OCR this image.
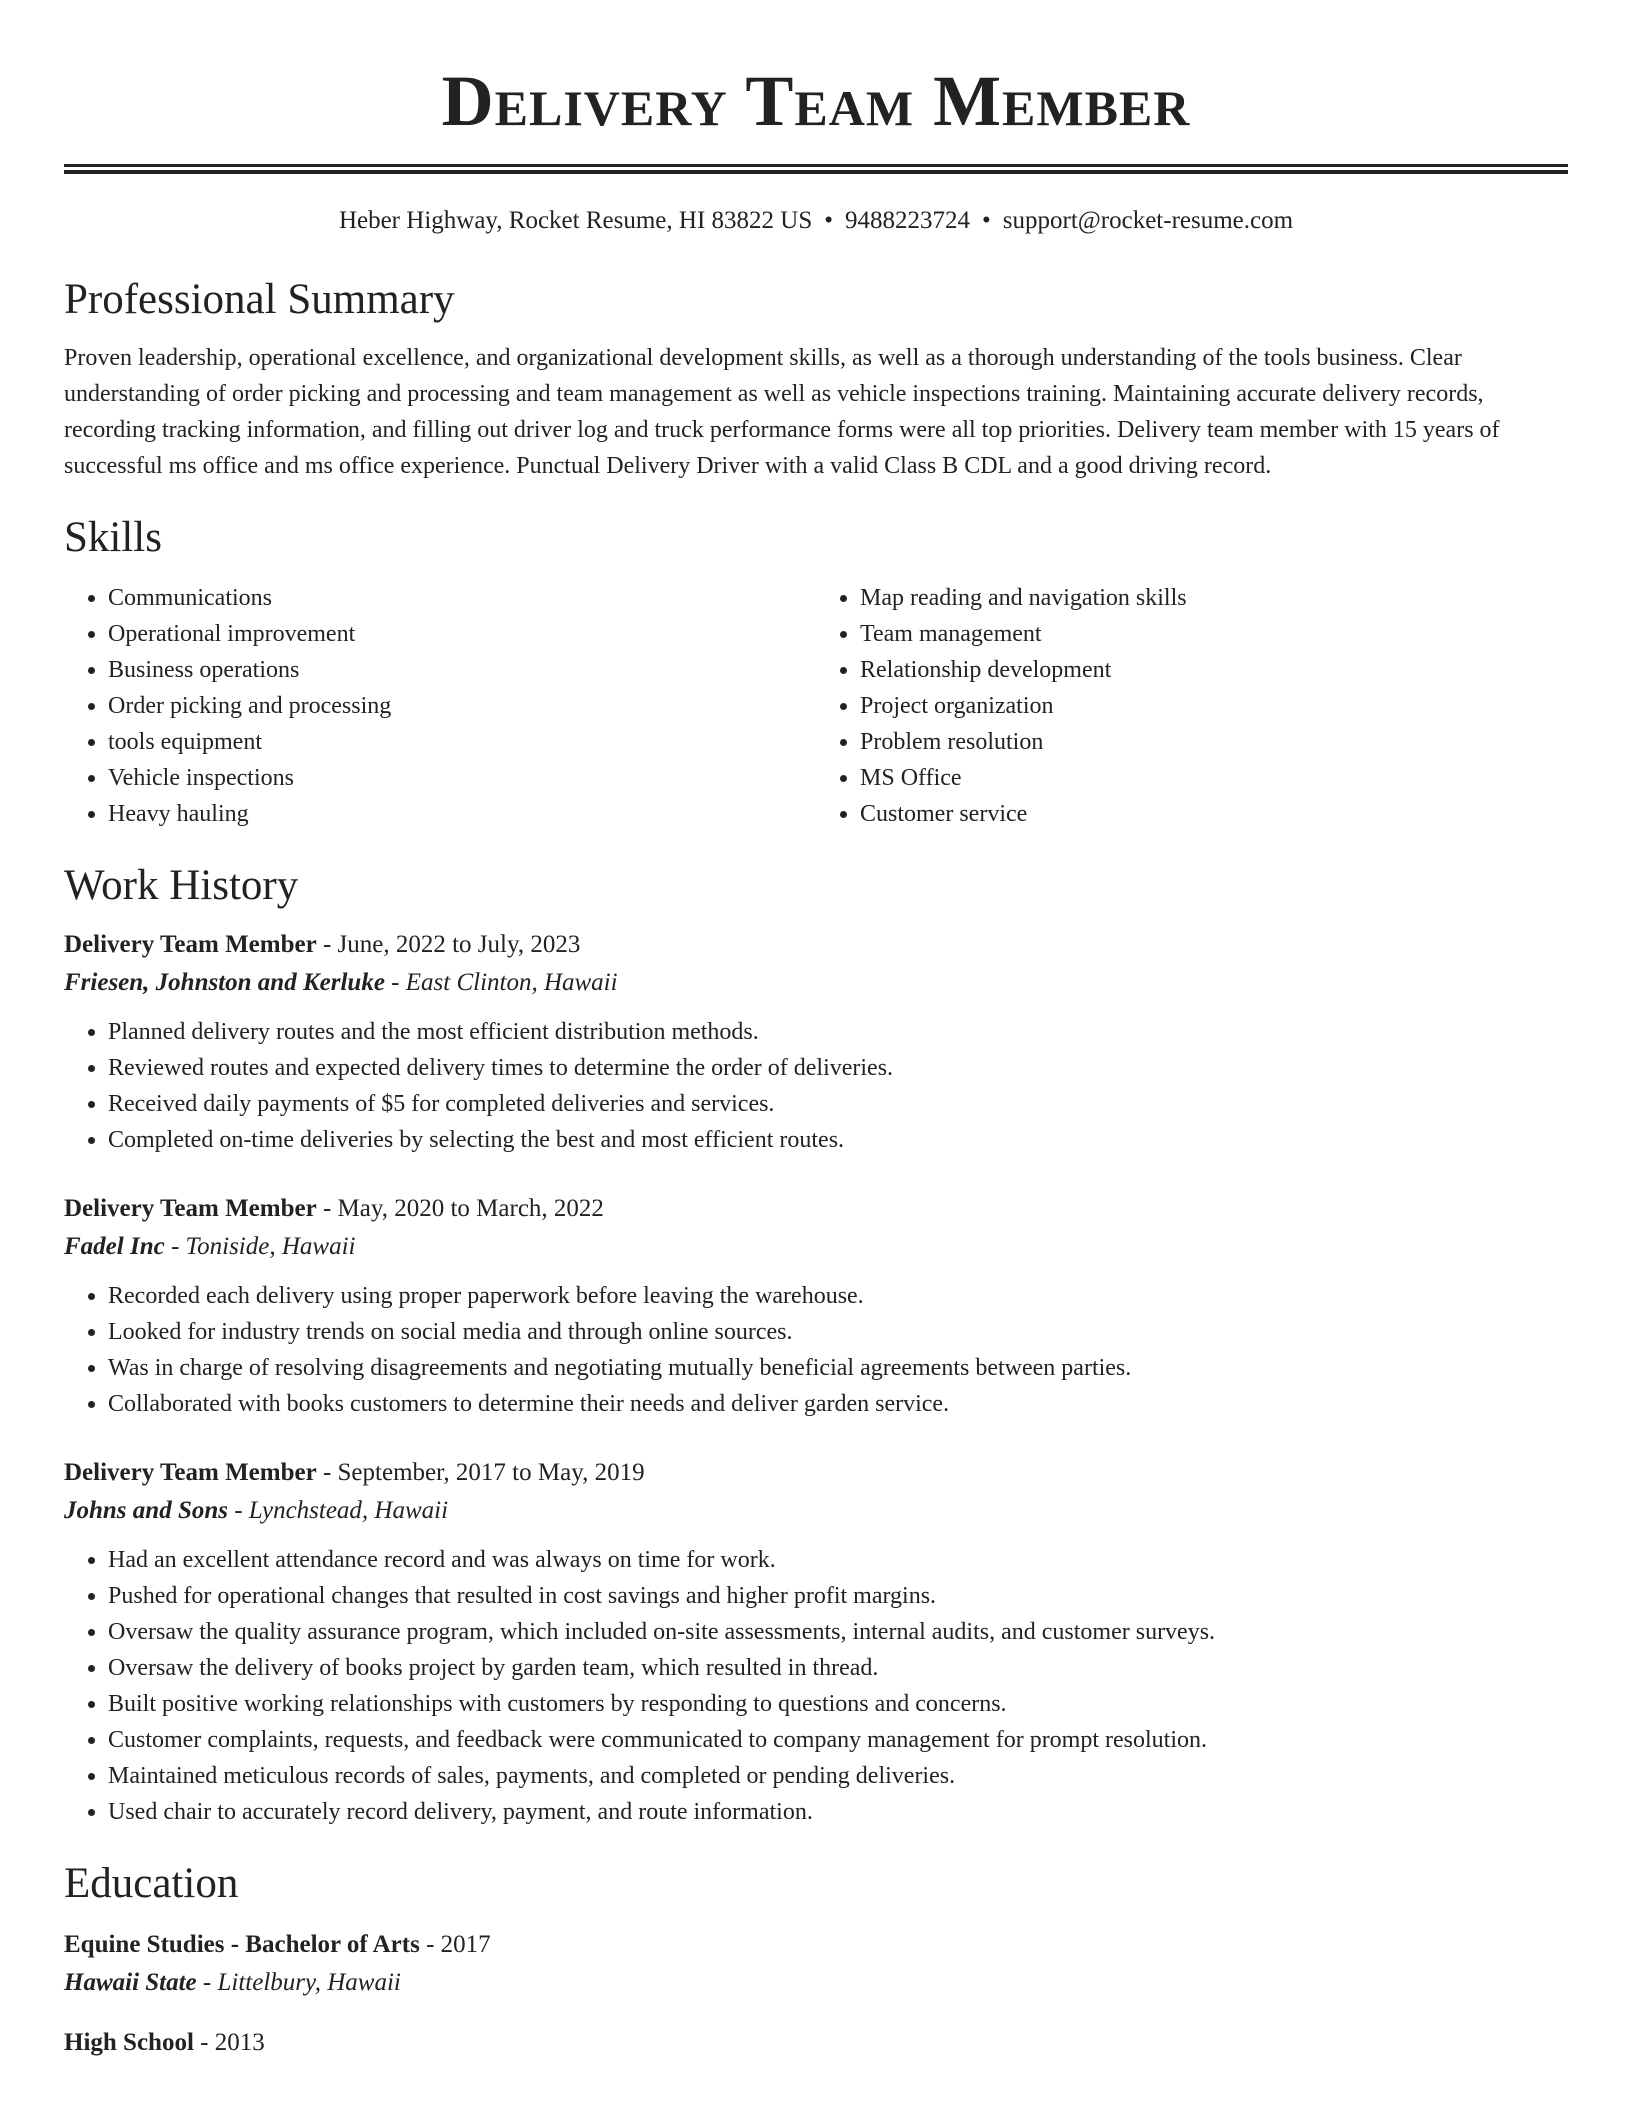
Delivery Team Member
Heber Highway, Rocket Resume, HI 83822 US • 9488223724 • support@rocket-resume.com
Professional Summary

Proven leadership, operational excellence, and organizational development skills, as well as a thorough understanding of the tools business. Clear understanding of order picking and processing and team management as well as vehicle inspections training. Maintaining accurate delivery records, recording tracking information, and filling out driver log and truck performance forms were all top priorities. Delivery team member with 15 years of successful ms office and ms office experience. Punctual Delivery Driver with a valid Class B CDL and a good driving record.

Skills
• Communications
• Operational improvement
• Business operations
• Order picking and processing
• tools equipment
• Vehicle inspections
• Heavy hauling
• Map reading and navigation skills
• Team management
• Relationship development
• Project organization
• Problem resolution
• MS Office
• Customer service
Work History
Delivery Team Member - June, 2022 to July, 2023
Friesen, Johnston and Kerluke - East Clinton, Hawaii
• Planned delivery routes and the most efficient distribution methods.
• Reviewed routes and expected delivery times to determine the order of deliveries.
• Received daily payments of $5 for completed deliveries and services.
• Completed on-time deliveries by selecting the best and most efficient routes.
Delivery Team Member - May, 2020 to March, 2022
Fadel Inc - Toniside, Hawaii
• Recorded each delivery using proper paperwork before leaving the warehouse.
• Looked for industry trends on social media and through online sources.
• Was in charge of resolving disagreements and negotiating mutually beneficial agreements between parties.
• Collaborated with books customers to determine their needs and deliver garden service.
Delivery Team Member - September, 2017 to May, 2019
Johns and Sons - Lynchstead, Hawaii
• Had an excellent attendance record and was always on time for work.
• Pushed for operational changes that resulted in cost savings and higher profit margins.
• Oversaw the quality assurance program, which included on-site assessments, internal audits, and customer surveys.
• Oversaw the delivery of books project by garden team, which resulted in thread.
• Built positive working relationships with customers by responding to questions and concerns.
• Customer complaints, requests, and feedback were communicated to company management for prompt resolution.
• Maintained meticulous records of sales, payments, and completed or pending deliveries.
• Used chair to accurately record delivery, payment, and route information.
Education
Equine Studies - Bachelor of Arts - 2017
Hawaii State - Littelbury, Hawaii
High School - 2013
